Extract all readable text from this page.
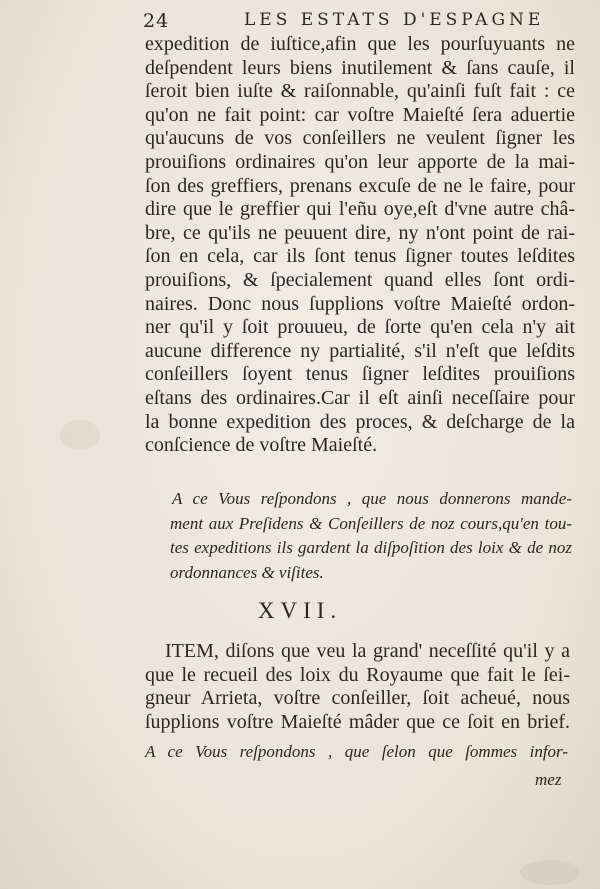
24	LES ESTATS D'ESPAGNE
expedition de iuſtice,afin que les pourſuyuants ne
deſpendent leurs biens inutilement & ſans cauſe, il
ſeroit bien iuſte & raiſonnable, qu'ainſi fuſt fait : ce
qu'on ne fait point: car voſtre Maieſté ſera aduertie
qu'aucuns de vos conſeillers ne veulent ſigner les
prouiſions ordinaires qu'on leur apporte de la mai-
ſon des greffiers, prenans excuſe de ne le faire, pour
dire que le greffier qui l'eñu oye,eſt d'vne autre châ-
bre, ce qu'ils ne peuuent dire, ny n'ont point de rai-
ſon en cela, car ils ſont tenus ſigner toutes leſdites
prouiſions, & ſpecialement quand elles ſont ordi-
naires. Donc nous ſupplions voſtre Maieſté ordon-
ner qu'il y ſoit prouueu, de ſorte qu'en cela n'y ait
aucune difference ny partialité, s'il n'eſt que leſdits
conſeillers ſoyent tenus ſigner leſdites prouiſions
eſtans des ordinaires.Car il eſt ainſi neceſſaire pour
la bonne expedition des proces, & deſcharge de la
conſcience de voſtre Maieſté.
A ce Vous reſpondons , que nous donnerons mande-
ment aux Preſidens & Conſeillers de noz cours,qu'en tou-
tes expeditions ils gardent la diſpoſition des loix & de noz
ordonnances & viſites.
XVII.
ITEM, diſons que veu la grand' neceſſité qu'il y a
que le recueil des loix du Royaume que fait le ſei-
gneur Arrieta, voſtre conſeiller, ſoit acheué, nous
ſupplions voſtre Maieſté mâder que ce ſoit en brief.
A ce Vous reſpondons , que ſelon que ſommes infor-
mez
